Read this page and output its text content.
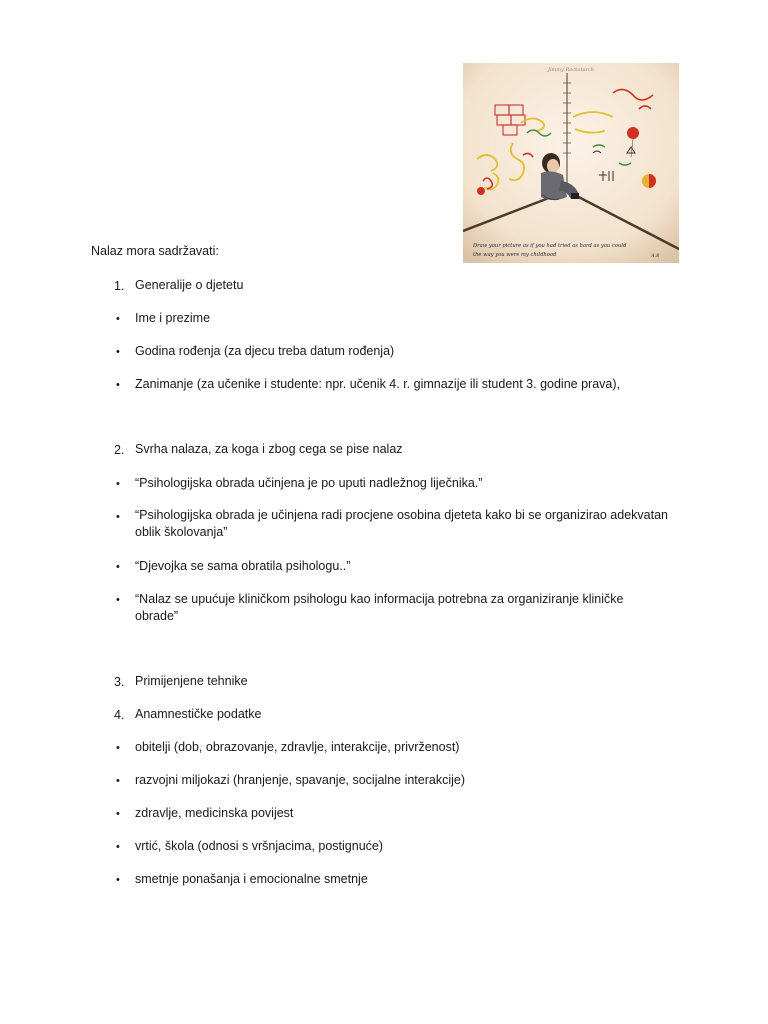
Jimmy Rockstarch
Draw your picture as if you had tried as hard as you could
the way you were my childhood	A.8
Nalaz mora sadržavati:
1. Generalije o djetetu
• Ime i prezime
• Godina rođenja (za djecu treba datum rođenja)
• Zanimanje (za učenike i studente: npr. učenik 4. r. gimnazije ili student 3. godine prava),
2. Svrha nalaza, za koga i zbog cega se pise nalaz
• “Psihologijska obrada učinjena je po uputi nadležnog liječnika.”
• “Psihologijska obrada je učinjena radi procjene osobina djeteta kako bi se organizirao adekvatan oblik školovanja”
• “Djevojka se sama obratila psihologu..”
• “Nalaz se upućuje kliničkom psihologu kao informacija potrebna za organiziranje kliničke obrade”
3. Primijenjene tehnike
4. Anamnestičke podatke
• obitelji (dob, obrazovanje, zdravlje, interakcije, privrženost)
• razvojni miljokazi (hranjenje, spavanje, socijalne interakcije)
• zdravlje, medicinska povijest
• vrtić, škola (odnosi s vršnjacima, postignuće)
• smetnje ponašanja i emocionalne smetnje
